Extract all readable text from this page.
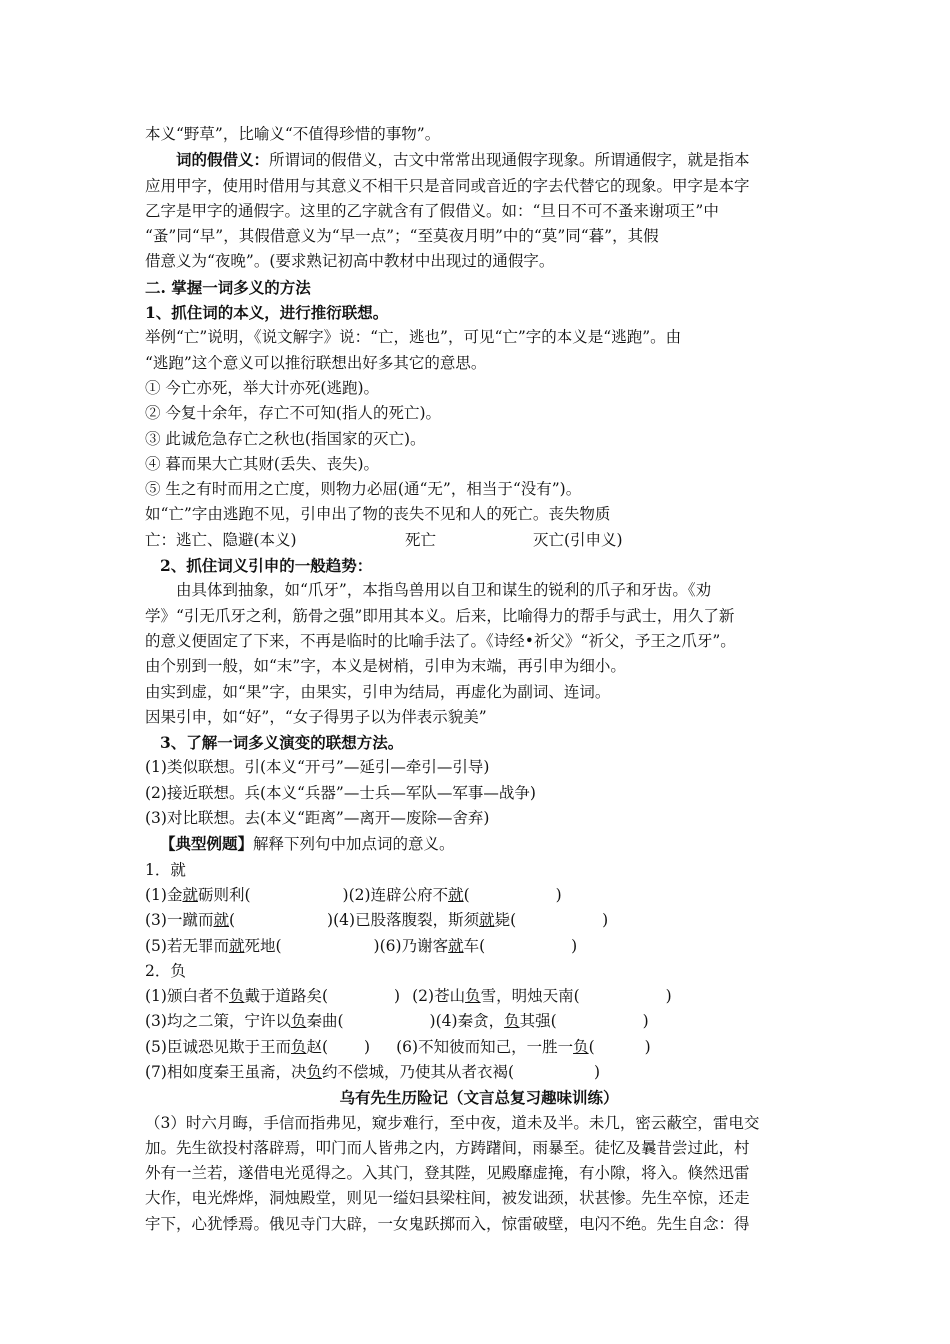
本义“野草”，比喻义“不值得珍惜的事物”。
词的假借义：所谓词的假借义，古文中常常出现通假字现象。所谓通假字，就是指本
应用甲字，使用时借用与其意义不相干只是音同或音近的字去代替它的现象。甲字是本字
乙字是甲字的通假字。这里的乙字就含有了假借义。如：“旦日不可不蚤来谢项王”中
“蚤”同“早”，其假借意义为“早一点”；“至莫夜月明”中的“莫”同“暮”，其假
借意义为“夜晚”。(要求熟记初高中教材中出现过的通假字。
二. 掌握一词多义的方法
1、抓住词的本义，进行推衍联想。
举例“亡”说明，《说文解字》说：“亡，逃也”，可见“亡”字的本义是“逃跑”。由
“逃跑”这个意义可以推衍联想出好多其它的意思。
① 今亡亦死，举大计亦死(逃跑)。
② 今复十余年，存亡不可知(指人的死亡)。
③ 此诚危急存亡之秋也(指国家的灭亡)。
④ 暮而果大亡其财(丢失、丧失)。
⑤ 生之有时而用之亡度，则物力必屈(通“无”，相当于“没有”)。
如“亡”字由逃跑不见，引申出了物的丧失不见和人的死亡。丧失物质
亡：逃亡、隐避(本义)	死亡	灭亡(引申义)
2、抓住词义引申的一般趋势：
由具体到抽象，如“爪牙”，本指鸟兽用以自卫和谋生的锐利的爪子和牙齿。《劝
学》“引无爪牙之利，筋骨之强”即用其本义。后来，比喻得力的帮手与武士，用久了新
的意义便固定了下来，不再是临时的比喻手法了。《诗经•祈父》“祈父，予王之爪牙”。
由个别到一般，如“末”字，本义是树梢，引申为末端，再引申为细小。
由实到虚，如“果”字，由果实，引申为结局，再虚化为副词、连词。
因果引申，如“好”，“女子得男子以为伴表示貌美”
3、了解一词多义演变的联想方法。
(1)类似联想。引(本义“开弓”—延引—牵引—引导)
(2)接近联想。兵(本义“兵器”—士兵—军队—军事—战争)
(3)对比联想。去(本义“距离”—离开—废除—舍弃)
【典型例题】解释下列句中加点词的意义。
1．就
(1)金就砺则利(	)(2)连辟公府不就(	)
(3)一蹴而就(	)(4)已股落腹裂，斯须就毙(	)
(5)若无罪而就死地(	)(6)乃谢客就车(	)
2．负
(1)颁白者不负戴于道路矣(	) (2)苍山负雪，明烛天南(	)
(3)均之二策，宁许以负秦曲(	)(4)秦贪，负其强(	)
(5)臣诚恐见欺于王而负赵( ) (6)不知彼而知己，一胜一负(	)
(7)相如度秦王虽斋，决负约不偿城，乃使其从者衣褐(	)
乌有先生历险记（文言总复习趣味训练）
（3）时六月晦，手信而指弗见，窥步难行，至中夜，道未及半。未几，密云蔽空，雷电交
加。先生欲投村落辟焉，叩门而人皆弗之内，方踌躇间，雨暴至。徒忆及曩昔尝过此，村
外有一兰若，遂借电光觅得之。入其门，登其陛，见殿靡虚掩，有小隙，将入。倏然迅雷
大作，电光烨烨，洞烛殿堂，则见一缢妇县梁柱间，被发诎颈，状甚惨。先生卒惊，还走
宇下，心犹悸焉。俄见寺门大辟，一女鬼跃掷而入，惊雷破壁，电闪不绝。先生自念：得
